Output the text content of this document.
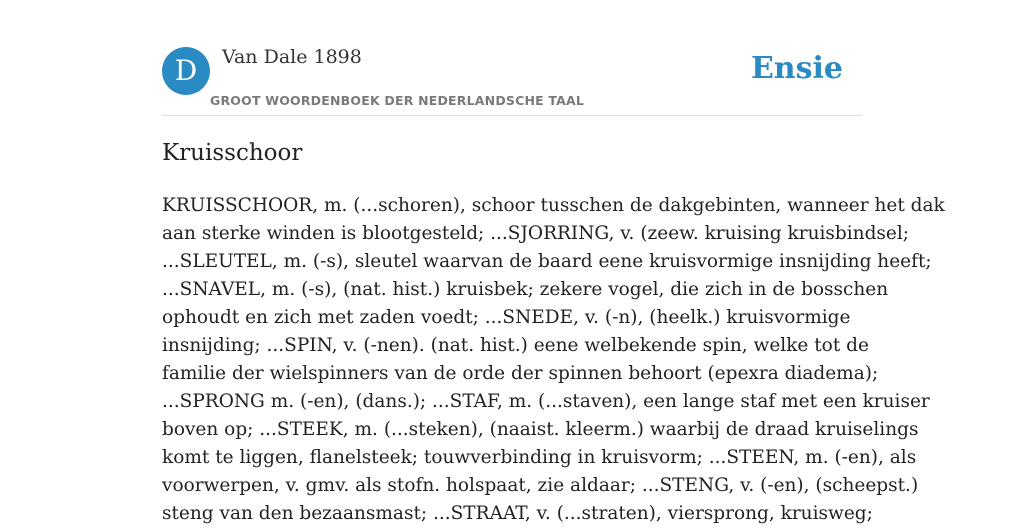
D	Van Dale 1898
GROOT WOORDENBOEK DER NEDERLANDSCHE TAAL
Ensie
Kruisschoor
KRUISSCHOOR, m. (...schoren), schoor tusschen de dakgebinten, wanneer het dak
aan sterke winden is blootgesteld; ...SJORRING, v. (zeew. kruising kruisbindsel;
...SLEUTEL, m. (-s), sleutel waarvan de baard eene kruisvormige insnijding heeft;
...SNAVEL, m. (-s), (nat. hist.) kruisbek; zekere vogel, die zich in de bosschen
ophoudt en zich met zaden voedt; ...SNEDE, v. (-n), (heelk.) kruisvormige
insnijding; ...SPIN, v. (-nen). (nat. hist.) eene welbekende spin, welke tot de
familie der wielspinners van de orde der spinnen behoort (epexra diadema);
...SPRONG m. (-en), (dans.); ...STAF, m. (...staven), een lange staf met een kruiser
boven op; ...STEEK, m. (...steken), (naaist. kleerm.) waarbij de draad kruiselings
komt te liggen, flanelsteek; touwverbinding in kruisvorm; ...STEEN, m. (-en), als
voorwerpen, v. gmv. als stofn. holspaat, zie aldaar; ...STENG, v. (-en), (scheepst.)
steng van den bezaansmast; ...STRAAT, v. (...straten), viersprong, kruisweg;
